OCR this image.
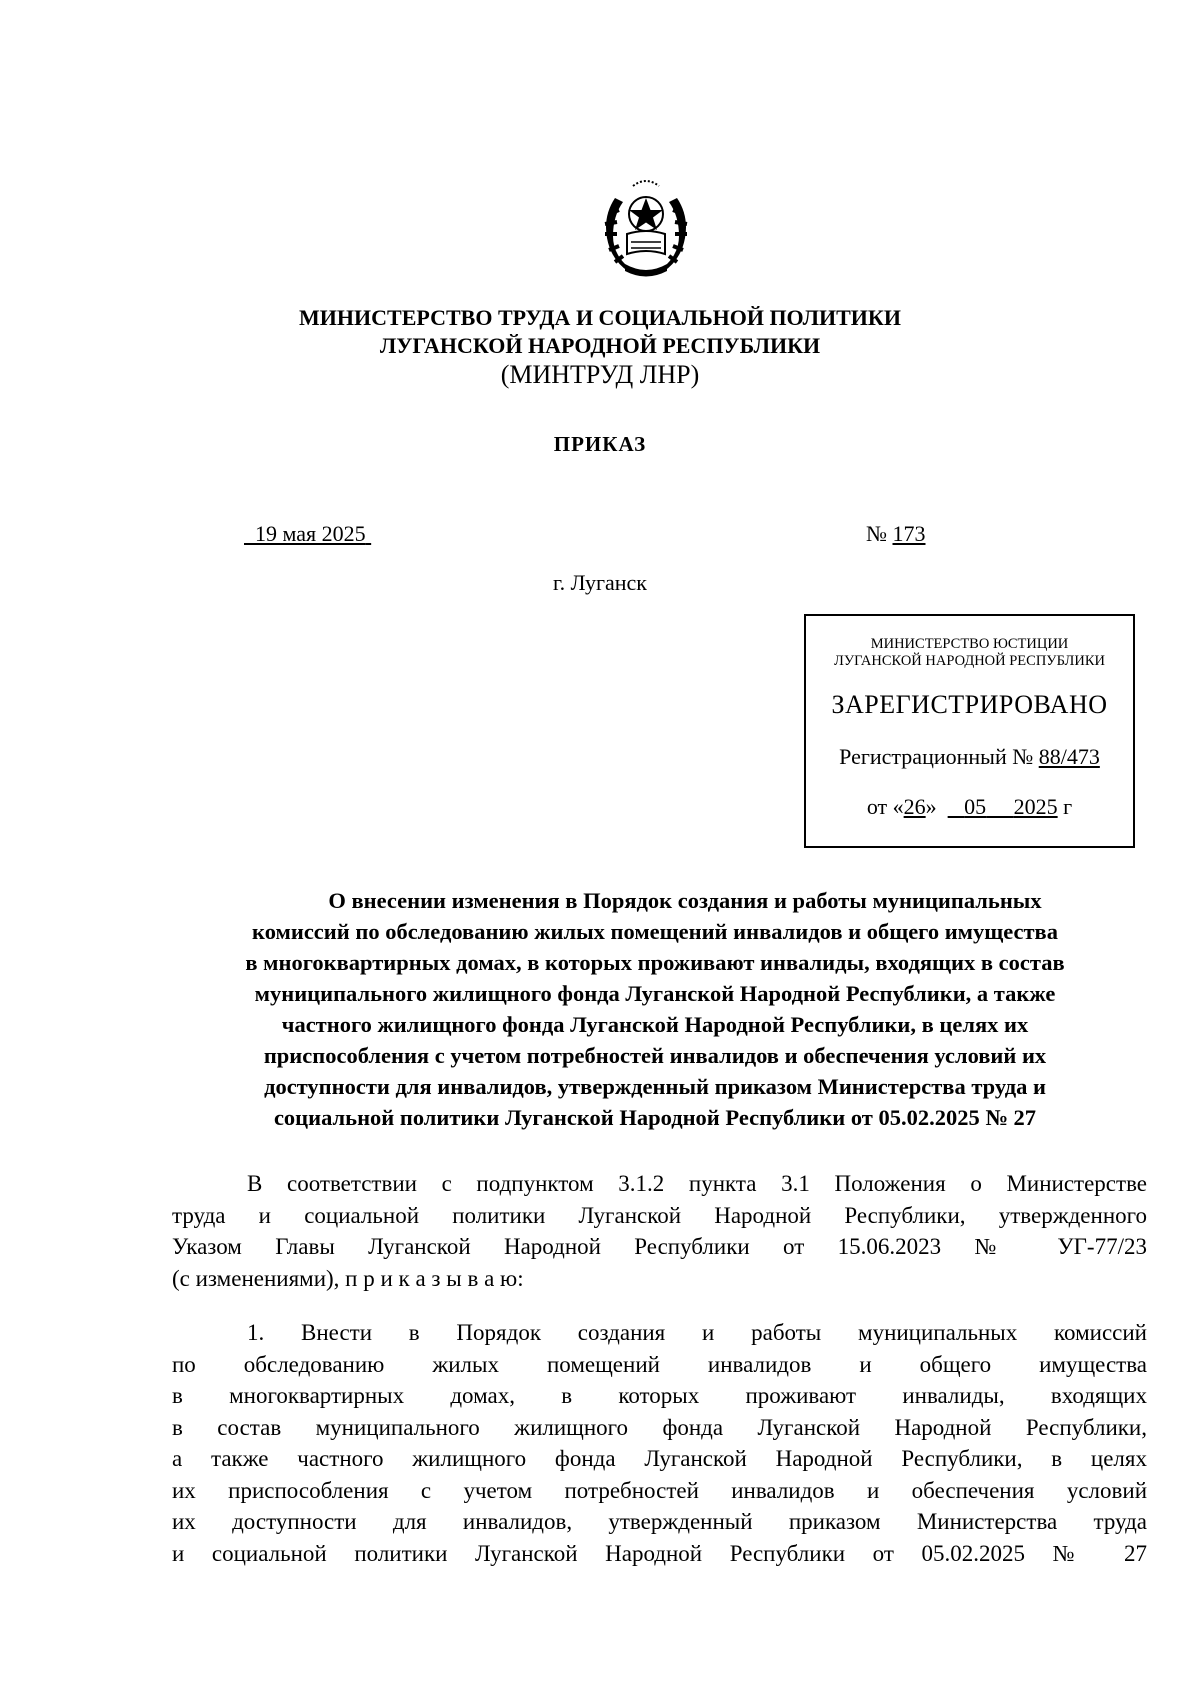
МИНИСТЕРСТВО ТРУДА И СОЦИАЛЬНОЙ ПОЛИТИКИ
ЛУГАНСКОЙ НАРОДНОЙ РЕСПУБЛИКИ
(МИНТРУД ЛНР)
ПРИКАЗ
19 мая 2025	№ 173
г. Луганск
МИНИСТЕРСТВО ЮСТИЦИИ
ЛУГАНСКОЙ НАРОДНОЙ РЕСПУБЛИКИ
ЗАРЕГИСТРИРОВАНО
Регистрационный № 88/473
от «26» 05 2025 г
О внесении изменения в Порядок создания и работы муниципальных
комиссий по обследованию жилых помещений инвалидов и общего имущества
в многоквартирных домах, в которых проживают инвалиды, входящих в состав
муниципального жилищного фонда Луганской Народной Республики, а также
частного жилищного фонда Луганской Народной Республики, в целях их
приспособления с учетом потребностей инвалидов и обеспечения условий их
доступности для инвалидов, утвержденный приказом Министерства труда и
социальной политики Луганской Народной Республики от 05.02.2025 № 27
В соответствии с подпунктом 3.1.2 пункта 3.1 Положения о Министерстве
труда и социальной политики Луганской Народной Республики, утвержденного
Указом Главы Луганской Народной Республики от 15.06.2023 № УГ-77/23
(с изменениями), п р и к а з ы в а ю:
1. Внести в Порядок создания и работы муниципальных комиссий
по обследованию жилых помещений инвалидов и общего имущества
в многоквартирных домах, в которых проживают инвалиды, входящих
в состав муниципального жилищного фонда Луганской Народной Республики,
а также частного жилищного фонда Луганской Народной Республики, в целях
их приспособления с учетом потребностей инвалидов и обеспечения условий
их доступности для инвалидов, утвержденный приказом Министерства труда
и социальной политики Луганской Народной Республики от 05.02.2025 № 27
